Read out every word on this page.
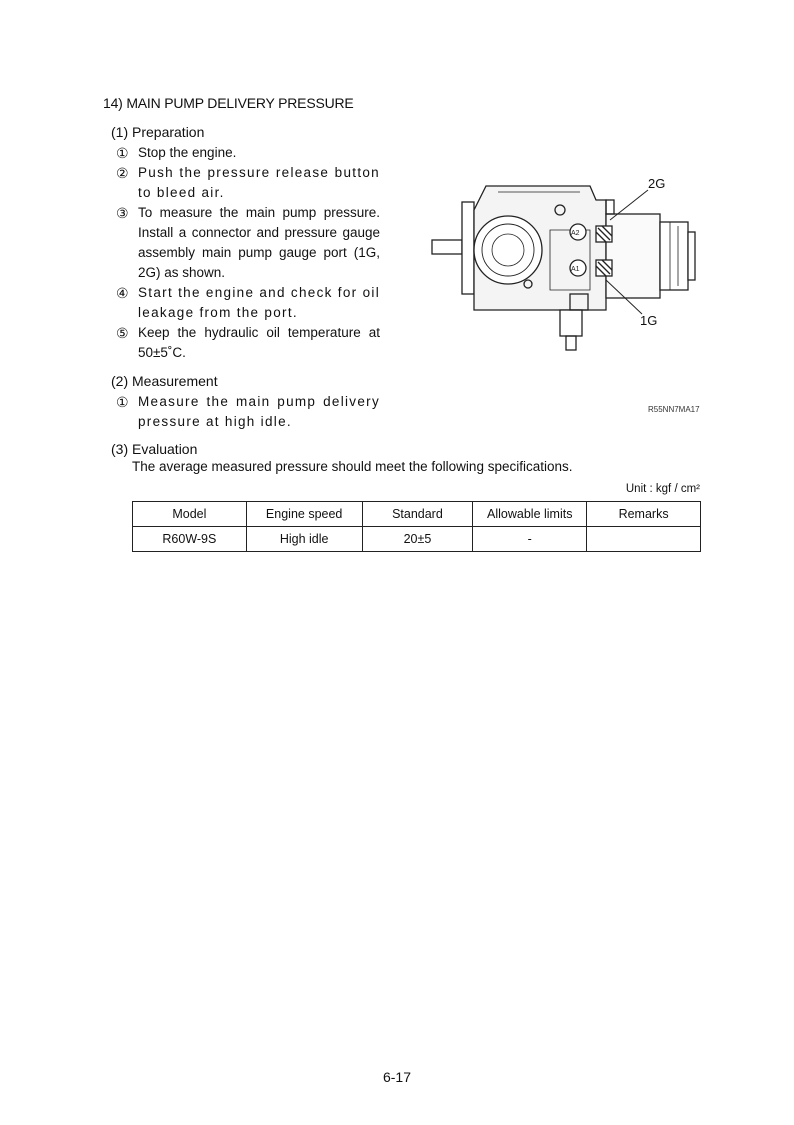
14) MAIN PUMP DELIVERY PRESSURE
(1) Preparation
① Stop the engine.
② Push the pressure release button to bleed air.
③ To measure the main pump pressure. Install a connector and pressure gauge assembly main pump gauge port (1G, 2G) as shown.
④ Start the engine and check for oil leakage from the port.
⑤ Keep the hydraulic oil temperature at 50±5˚C.
(2) Measurement
① Measure the main pump delivery pressure at high idle.
A2
A1
2G
1G
R55NN7MA17
(3) Evaluation
The average measured pressure should meet the following specifications.
Unit : kgf / cm²
Model	Engine speed	Standard	Allowable limits	Remarks
R60W-9S	High idle	20±5	-	
6-17
